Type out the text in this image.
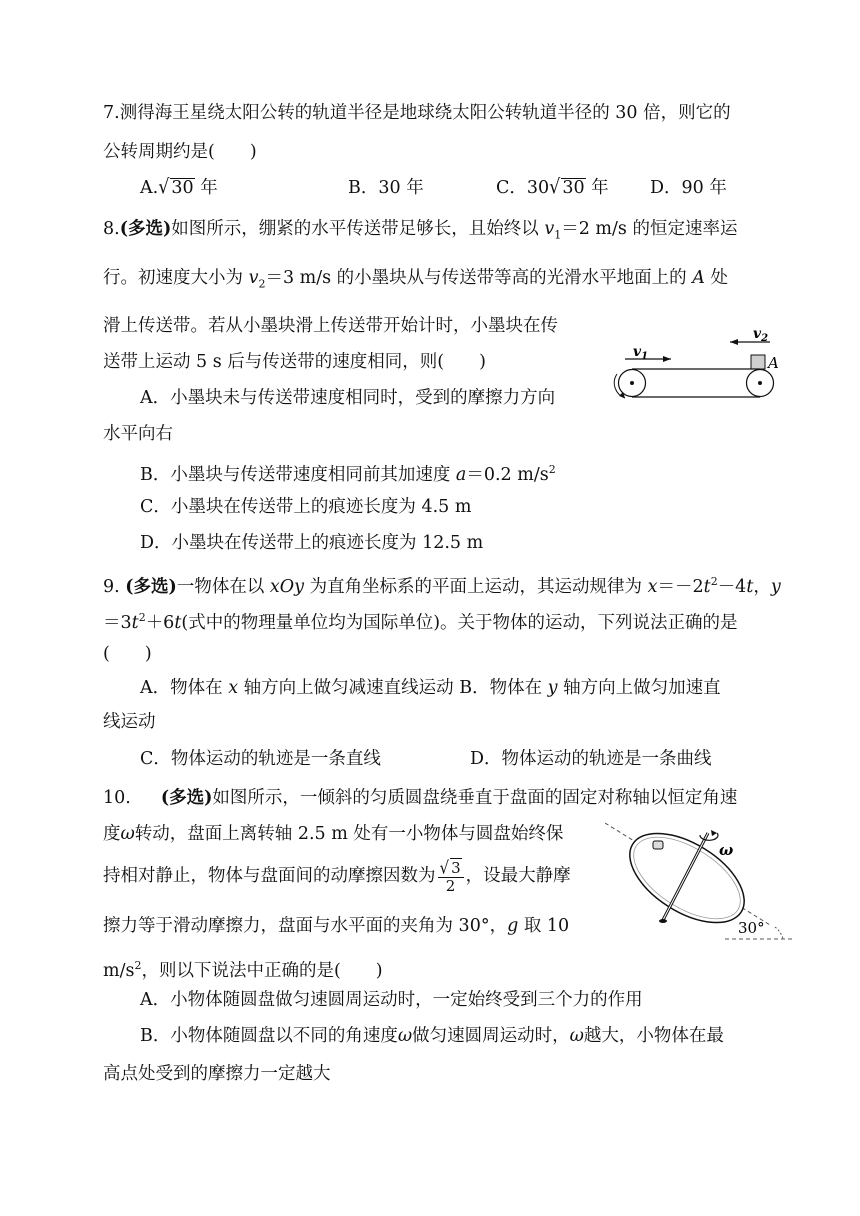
7.测得海王星绕太阳公转的轨道半径是地球绕太阳公转轨道半径的 30 倍，则它的
公转周期约是(　　)
A.√ 30 年	B．30 年	C．30√ 30 年 D．90 年
8.(多选)如图所示，绷紧的水平传送带足够长，且始终以 $v_1=2$ m/s 的恒定速率运
行。初速度大小为 $v_2=3$ m/s 的小墨块从与传送带等高的光滑水平地面上的 A 处
滑上传送带。若从小墨块滑上传送带开始计时，小墨块在传
送带上运动 5 s 后与传送带的速度相同，则(　　)
A．小墨块未与传送带速度相同时，受到的摩擦力方向
水平向右
B．小墨块与传送带速度相同前其加速度 a＝0.2 $m/s^2$
C．小墨块在传送带上的痕迹长度为 4.5 m
D．小墨块在传送带上的痕迹长度为 12.5 m
$v_1$
$v_2$
A
9. (多选)一物体在以 xOy 为直角坐标系的平面上运动，其运动规律为 $x=-2t^2-4t$，y
$=3t^2+6t$(式中的物理量单位均为国际单位)。关于物体的运动，下列说法正确的是
(　　)
A．物体在 x 轴方向上做匀减速直线运动 B．物体在 y 轴方向上做匀加速直
线运动
C．物体运动的轨迹是一条直线	D．物体运动的轨迹是一条曲线
10. (多选)如图所示，一倾斜的匀质圆盘绕垂直于盘面的固定对称轴以恒定角速
度ω转动，盘面上离转轴 2.5 m 处有一小物体与圆盘始终保
持相对静止，物体与盘面间的动摩擦因数为 $\frac{√ 3}{2}$ ，设最大静摩
擦力等于滑动摩擦力，盘面与水平面的夹角为 30°，g 取 10
$m/s^2$，则以下说法中正确的是(　　)
A．小物体随圆盘做匀速圆周运动时，一定始终受到三个力的作用
B．小物体随圆盘以不同的角速度ω做匀速圆周运动时，ω越大，小物体在最
高点处受到的摩擦力一定越大
ω
30°
